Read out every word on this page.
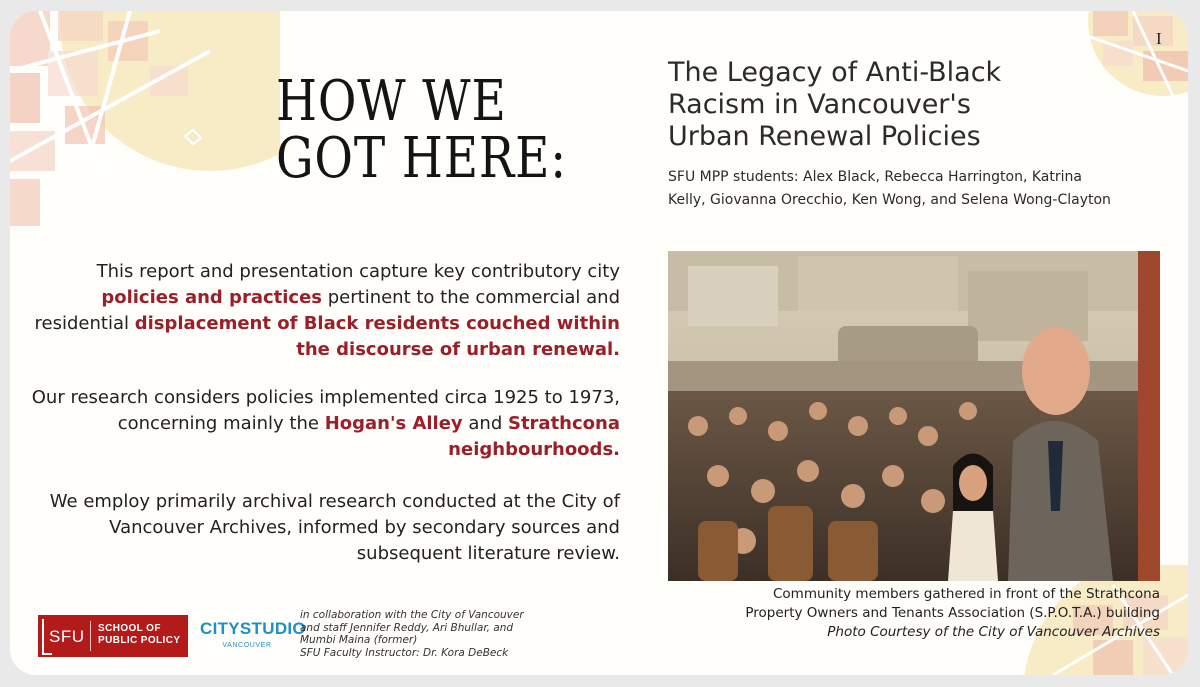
I
HOW WE
GOT HERE:
The Legacy of Anti-Black
Racism in Vancouver's
Urban Renewal Policies
SFU MPP students: Alex Black, Rebecca Harrington, Katrina
Kelly, Giovanna Orecchio, Ken Wong, and Selena Wong-Clayton
This report and presentation capture key contributory city policies and practices pertinent to the commercial and residential displacement of Black residents couched within the discourse of urban renewal.
Our research considers policies implemented circa 1925 to 1973, concerning mainly the Hogan's Alley and Strathcona neighbourhoods.
We employ primarily archival research conducted at the City of Vancouver Archives, informed by secondary sources and subsequent literature review.
Community members gathered in front of the Strathcona
Property Owners and Tenants Association (S.P.O.T.A.) building
Photo Courtesy of the City of Vancouver Archives
SFU SCHOOL OF
PUBLIC POLICY
CITYSTUDIO
VANCOUVER
in collaboration with the City of Vancouver
and staff Jennifer Reddy, Ari Bhullar, and
Mumbi Maina (former)
SFU Faculty Instructor: Dr. Kora DeBeck
